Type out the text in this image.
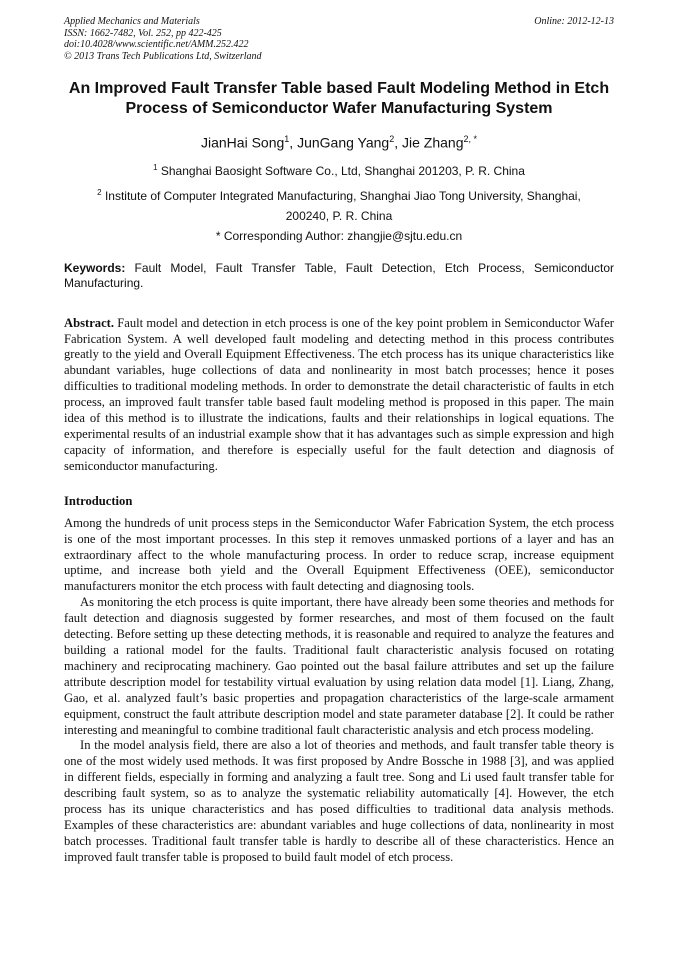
Applied Mechanics and Materials
ISSN: 1662-7482, Vol. 252, pp 422-425
doi:10.4028/www.scientific.net/AMM.252.422
© 2013 Trans Tech Publications Ltd, Switzerland
Online: 2012-12-13
An Improved Fault Transfer Table based Fault Modeling Method in Etch
Process of Semiconductor Wafer Manufacturing System
JianHai Song$^1$, JunGang Yang$^2$, Jie Zhang$^{2, *}$
$^1$ Shanghai Baosight Software Co., Ltd, Shanghai 201203, P. R. China
$^2$ Institute of Computer Integrated Manufacturing, Shanghai Jiao Tong University, Shanghai,
200240, P. R. China
* Corresponding Author: zhangjie@sjtu.edu.cn
Keywords: Fault Model, Fault Transfer Table, Fault Detection, Etch Process, Semiconductor Manufacturing.
Abstract. Fault model and detection in etch process is one of the key point problem in Semiconductor Wafer Fabrication System. A well developed fault modeling and detecting method in this process contributes greatly to the yield and Overall Equipment Effectiveness. The etch process has its unique characteristics like abundant variables, huge collections of data and nonlinearity in most batch processes; hence it poses difficulties to traditional modeling methods. In order to demonstrate the detail characteristic of faults in etch process, an improved fault transfer table based fault modeling method is proposed in this paper. The main idea of this method is to illustrate the indications, faults and their relationships in logical equations. The experimental results of an industrial example show that it has advantages such as simple expression and high capacity of information, and therefore is especially useful for the fault detection and diagnosis of semiconductor manufacturing.
Introduction
Among the hundreds of unit process steps in the Semiconductor Wafer Fabrication System, the etch process is one of the most important processes. In this step it removes unmasked portions of a layer and has an extraordinary affect to the whole manufacturing process. In order to reduce scrap, increase equipment uptime, and increase both yield and the Overall Equipment Effectiveness (OEE), semiconductor manufacturers monitor the etch process with fault detecting and diagnosing tools.
As monitoring the etch process is quite important, there have already been some theories and methods for fault detection and diagnosis suggested by former researches, and most of them focused on the fault detecting. Before setting up these detecting methods, it is reasonable and required to analyze the features and building a rational model for the faults. Traditional fault characteristic analysis focused on rotating machinery and reciprocating machinery. Gao pointed out the basal failure attributes and set up the failure attribute description model for testability virtual evaluation by using relation data model [1]. Liang, Zhang, Gao, et al. analyzed fault’s basic properties and propagation characteristics of the large-scale armament equipment, construct the fault attribute description model and state parameter database [2]. It could be rather interesting and meaningful to combine traditional fault characteristic analysis and etch process modeling.
In the model analysis field, there are also a lot of theories and methods, and fault transfer table theory is one of the most widely used methods. It was first proposed by Andre Bossche in 1988 [3], and was applied in different fields, especially in forming and analyzing a fault tree. Song and Li used fault transfer table for describing fault system, so as to analyze the systematic reliability automatically [4]. However, the etch process has its unique characteristics and has posed difficulties to traditional data analysis methods. Examples of these characteristics are: abundant variables and huge collections of data, nonlinearity in most batch processes. Traditional fault transfer table is hardly to describe all of these characteristics. Hence an improved fault transfer table is proposed to build fault model of etch process.
